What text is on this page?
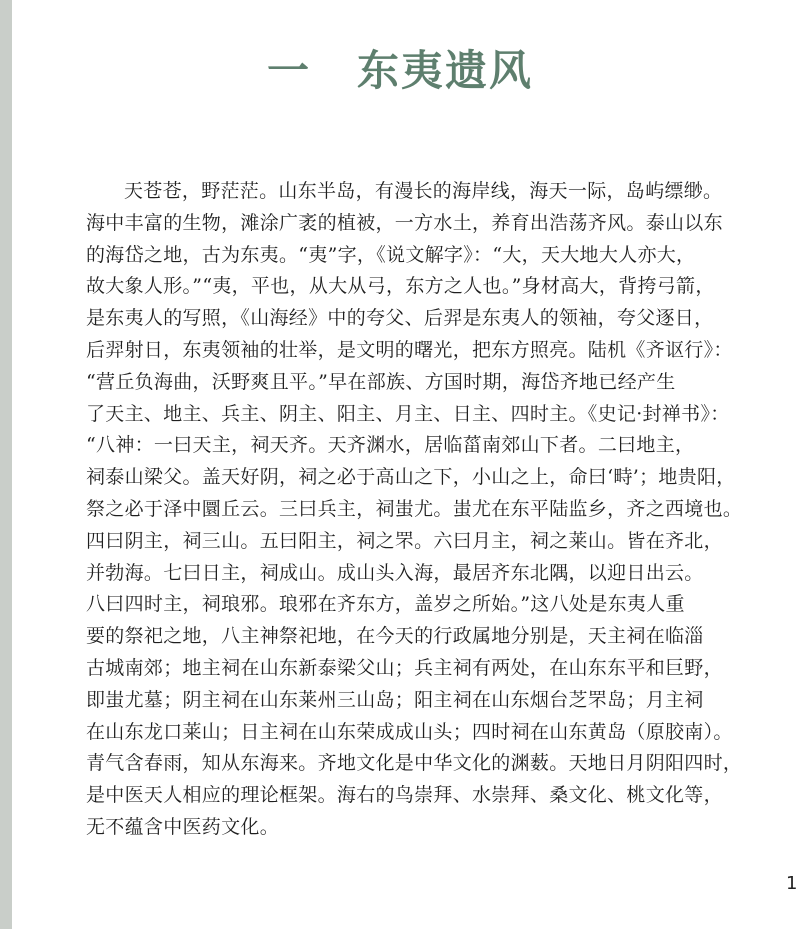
一 东夷遗风
天苍苍，野茫茫。山东半岛，有漫长的海岸线，海天一际，岛屿缥缈。
海中丰富的生物，滩涂广袤的植被，一方水土，养育出浩荡齐风。泰山以东
的海岱之地，古为东夷。“夷”字，《说文解字》：“大，天大地大人亦大，
故大象人形。”“夷，平也，从大从弓，东方之人也。”身材高大，背挎弓箭，
是东夷人的写照，《山海经》中的夸父、后羿是东夷人的领袖，夸父逐日，
后羿射日，东夷领袖的壮举，是文明的曙光，把东方照亮。陆机《齐讴行》：
“营丘负海曲，沃野爽且平。”早在部族、方国时期，海岱齐地已经产生
了天主、地主、兵主、阴主、阳主、月主、日主、四时主。《史记·封禅书》：
“八神：一曰天主，祠天齐。天齐渊水，居临菑南郊山下者。二曰地主，
祠泰山梁父。盖天好阴，祠之必于高山之下，小山之上，命曰‘畤’；地贵阳，
祭之必于泽中圜丘云。三曰兵主，祠蚩尤。蚩尤在东平陆监乡，齐之西境也。
四曰阴主，祠三山。五曰阳主，祠之罘。六曰月主，祠之莱山。皆在齐北，
并勃海。七曰日主，祠成山。成山头入海，最居齐东北隅，以迎日出云。
八曰四时主，祠琅邪。琅邪在齐东方，盖岁之所始。”这八处是东夷人重
要的祭祀之地，八主神祭祀地，在今天的行政属地分别是，天主祠在临淄
古城南郊；地主祠在山东新泰梁父山；兵主祠有两处，在山东东平和巨野，
即蚩尤墓；阴主祠在山东莱州三山岛；阳主祠在山东烟台芝罘岛；月主祠
在山东龙口莱山；日主祠在山东荣成成山头；四时祠在山东黄岛（原胶南）。
青气含春雨，知从东海来。齐地文化是中华文化的渊薮。天地日月阴阳四时，
是中医天人相应的理论框架。海右的鸟崇拜、水崇拜、桑文化、桃文化等，
无不蕴含中医药文化。
1
